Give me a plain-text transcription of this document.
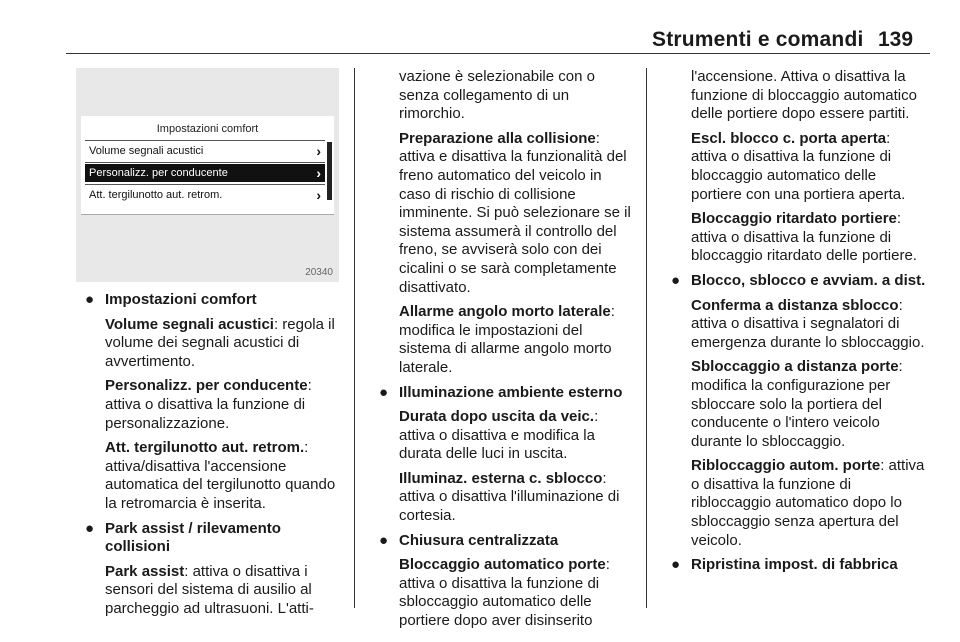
Strumenti e comandi 139
Impostazioni comfort
Volume segnali acustici	›
Personalizz. per conducente	›
Att. tergilunotto aut. retrom.	›
20340
● Impostazioni comfort

Volume segnali acustici: regola il volume dei segnali acustici di avvertimento.

Personalizz. per conducente: attiva o disattiva la funzione di personalizzazione.

Att. tergilunotto aut. retrom.: attiva/disattiva l'accensione automatica del tergilunotto quando la retromarcia è inserita.

● Park assist / rilevamento collisioni

Park assist: attiva o disattiva i sensori del sistema di ausilio al parcheggio ad ultrasuoni. L'atti-

vazione è selezionabile con o senza collegamento di un rimorchio.

Preparazione alla collisione: attiva e disattiva la funzionalità del freno automatico del veicolo in caso di rischio di collisione imminente. Si può selezionare se il sistema assumerà il controllo del freno, se avviserà solo con dei cicalini o se sarà completamente disattivato.

Allarme angolo morto laterale: modifica le impostazioni del sistema di allarme angolo morto laterale.

● Illuminazione ambiente esterno

Durata dopo uscita da veic.: attiva o disattiva e modifica la durata delle luci in uscita.

Illuminaz. esterna c. sblocco: attiva o disattiva l'illuminazione di cortesia.

● Chiusura centralizzata

Bloccaggio automatico porte: attiva o disattiva la funzione di sbloccaggio automatico delle portiere dopo aver disinserito

l'accensione. Attiva o disattiva la funzione di bloccaggio automatico delle portiere dopo essere partiti.

Escl. blocco c. porta aperta: attiva o disattiva la funzione di bloccaggio automatico delle portiere con una portiera aperta.

Bloccaggio ritardato portiere: attiva o disattiva la funzione di bloccaggio ritardato delle portiere.

● Blocco, sblocco e avviam. a dist.

Conferma a distanza sblocco: attiva o disattiva i segnalatori di emergenza durante lo sbloccaggio.

Sbloccaggio a distanza porte: modifica la configurazione per sbloccare solo la portiera del conducente o l'intero veicolo durante lo sbloccaggio.

Ribloccaggio autom. porte: attiva o disattiva la funzione di ribloccaggio automatico dopo lo sbloccaggio senza apertura del veicolo.

● Ripristina impost. di fabbrica
